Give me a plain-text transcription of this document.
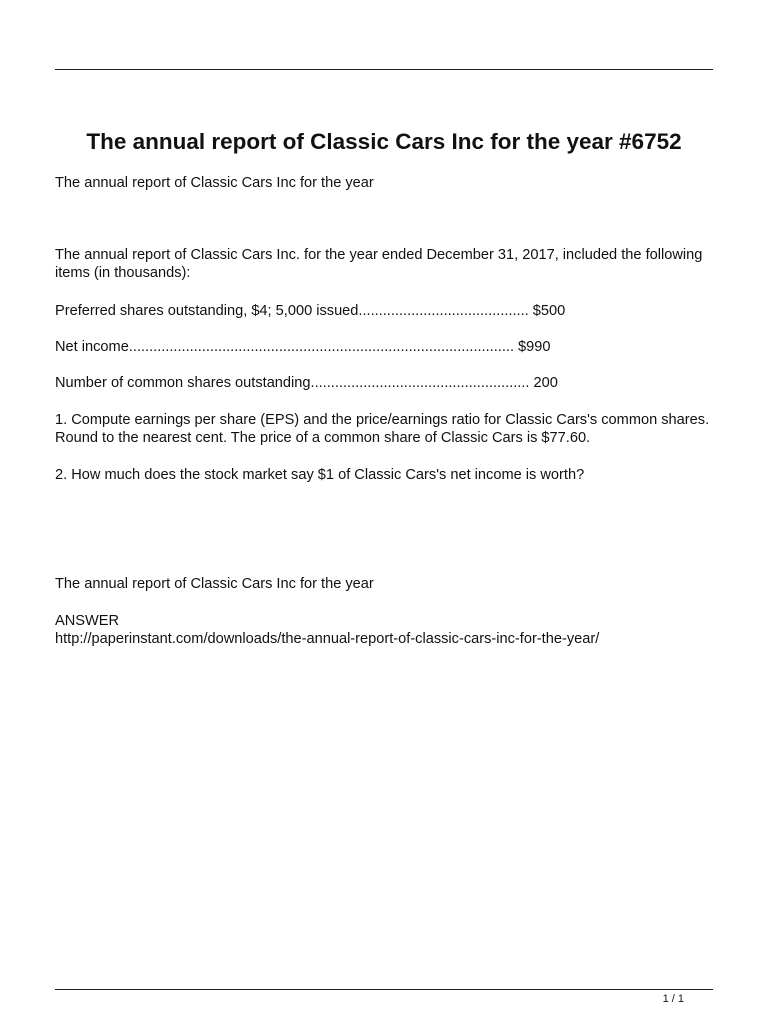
The annual report of Classic Cars Inc for the year #6752

The annual report of Classic Cars Inc for the year

The annual report of Classic Cars Inc. for the year ended December 31, 2017, included the following items (in thousands):

Preferred shares outstanding, $4; 5,000 issued.......................................... $500

Net income............................................................................................... $990

Number of common shares outstanding...................................................... 200

1. Compute earnings per share (EPS) and the price/earnings ratio for Classic Cars's common shares. Round to the nearest cent. The price of a common share of Classic Cars is $77.60.

2. How much does the stock market say $1 of Classic Cars's net income is worth?

The annual report of Classic Cars Inc for the year

ANSWER

http://paperinstant.com/downloads/the-annual-report-of-classic-cars-inc-for-the-year/

1 / 1
